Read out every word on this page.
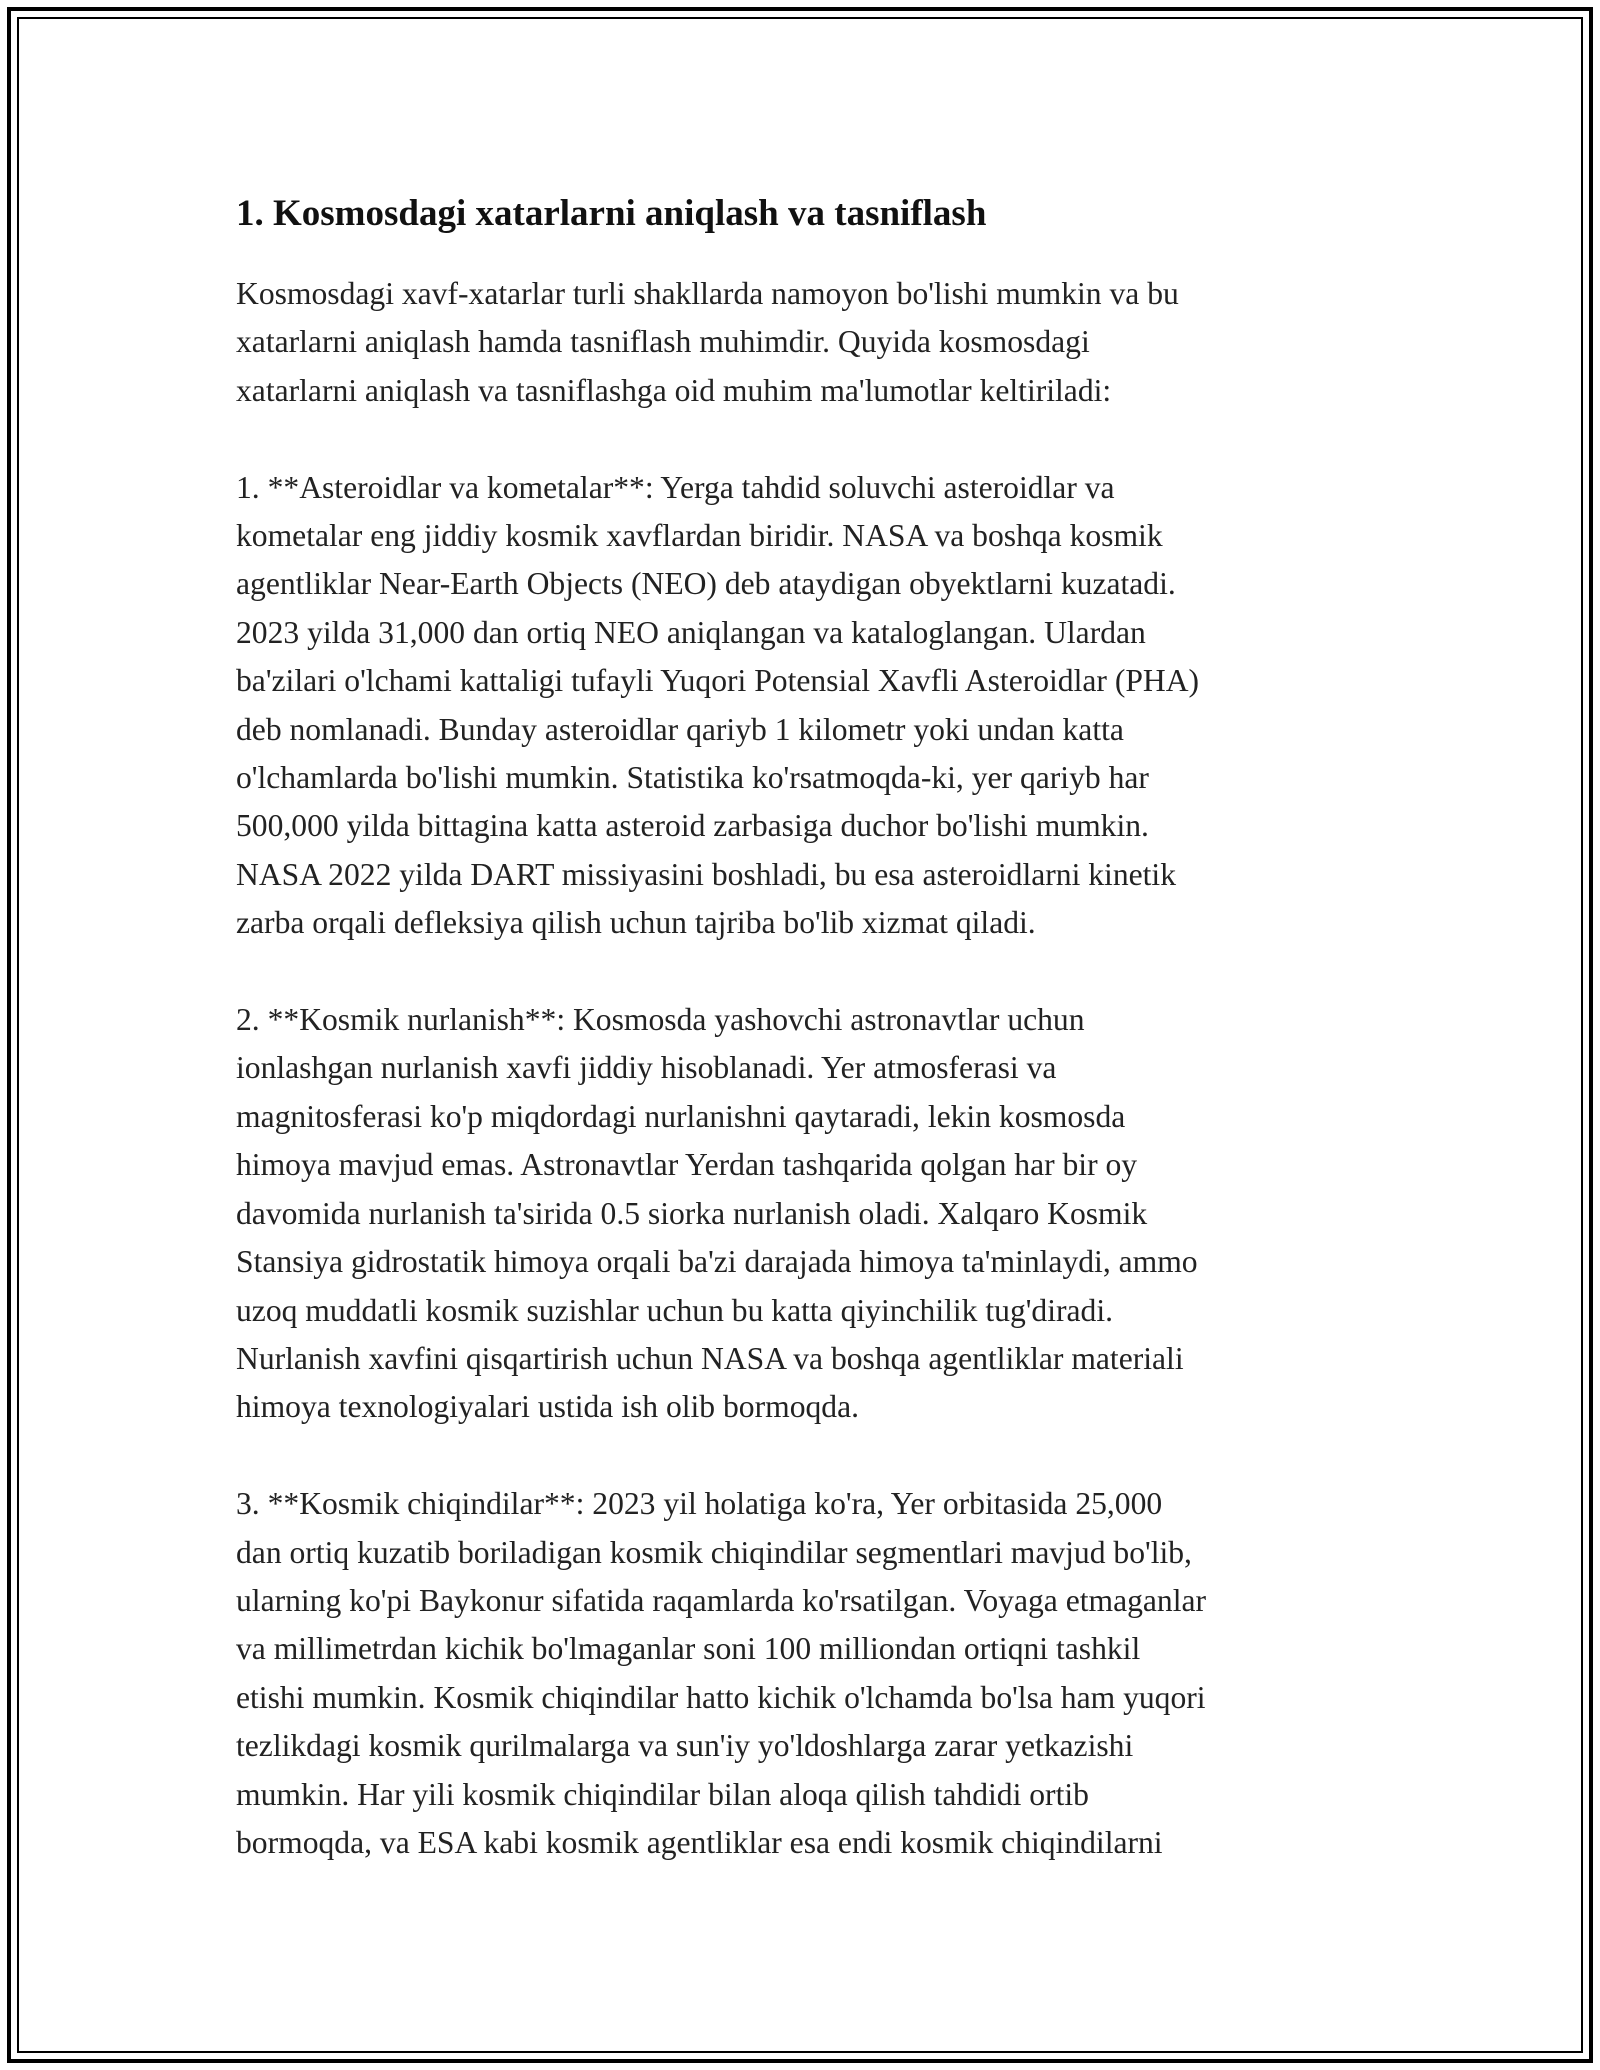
1. Kosmosdagi xatarlarni aniqlash va tasniflash
Kosmosdagi xavf-xatarlar turli shakllarda namoyon bo'lishi mumkin va bu
xatarlarni aniqlash hamda tasniflash muhimdir. Quyida kosmosdagi
xatarlarni aniqlash va tasniflashga oid muhim ma'lumotlar keltiriladi:
1. **Asteroidlar va kometalar**: Yerga tahdid soluvchi asteroidlar va
kometalar eng jiddiy kosmik xavflardan biridir. NASA va boshqa kosmik
agentliklar Near-Earth Objects (NEO) deb ataydigan obyektlarni kuzatadi.
2023 yilda 31,000 dan ortiq NEO aniqlangan va kataloglangan. Ulardan
ba'zilari o'lchami kattaligi tufayli Yuqori Potensial Xavfli Asteroidlar (PHA)
deb nomlanadi. Bunday asteroidlar qariyb 1 kilometr yoki undan katta
o'lchamlarda bo'lishi mumkin. Statistika ko'rsatmoqda-ki, yer qariyb har
500,000 yilda bittagina katta asteroid zarbasiga duchor bo'lishi mumkin.
NASA 2022 yilda DART missiyasini boshladi, bu esa asteroidlarni kinetik
zarba orqali defleksiya qilish uchun tajriba bo'lib xizmat qiladi.
2. **Kosmik nurlanish**: Kosmosda yashovchi astronavtlar uchun
ionlashgan nurlanish xavfi jiddiy hisoblanadi. Yer atmosferasi va
magnitosferasi ko'p miqdordagi nurlanishni qaytaradi, lekin kosmosda
himoya mavjud emas. Astronavtlar Yerdan tashqarida qolgan har bir oy
davomida nurlanish ta'sirida 0.5 siorka nurlanish oladi. Xalqaro Kosmik
Stansiya gidrostatik himoya orqali ba'zi darajada himoya ta'minlaydi, ammo
uzoq muddatli kosmik suzishlar uchun bu katta qiyinchilik tug'diradi.
Nurlanish xavfini qisqartirish uchun NASA va boshqa agentliklar materiali
himoya texnologiyalari ustida ish olib bormoqda.
3. **Kosmik chiqindilar**: 2023 yil holatiga ko'ra, Yer orbitasida 25,000
dan ortiq kuzatib boriladigan kosmik chiqindilar segmentlari mavjud bo'lib,
ularning ko'pi Baykonur sifatida raqamlarda ko'rsatilgan. Voyaga etmaganlar
va millimetrdan kichik bo'lmaganlar soni 100 milliondan ortiqni tashkil
etishi mumkin. Kosmik chiqindilar hatto kichik o'lchamda bo'lsa ham yuqori
tezlikdagi kosmik qurilmalarga va sun'iy yo'ldoshlarga zarar yetkazishi
mumkin. Har yili kosmik chiqindilar bilan aloqa qilish tahdidi ortib
bormoqda, va ESA kabi kosmik agentliklar esa endi kosmik chiqindilarni
